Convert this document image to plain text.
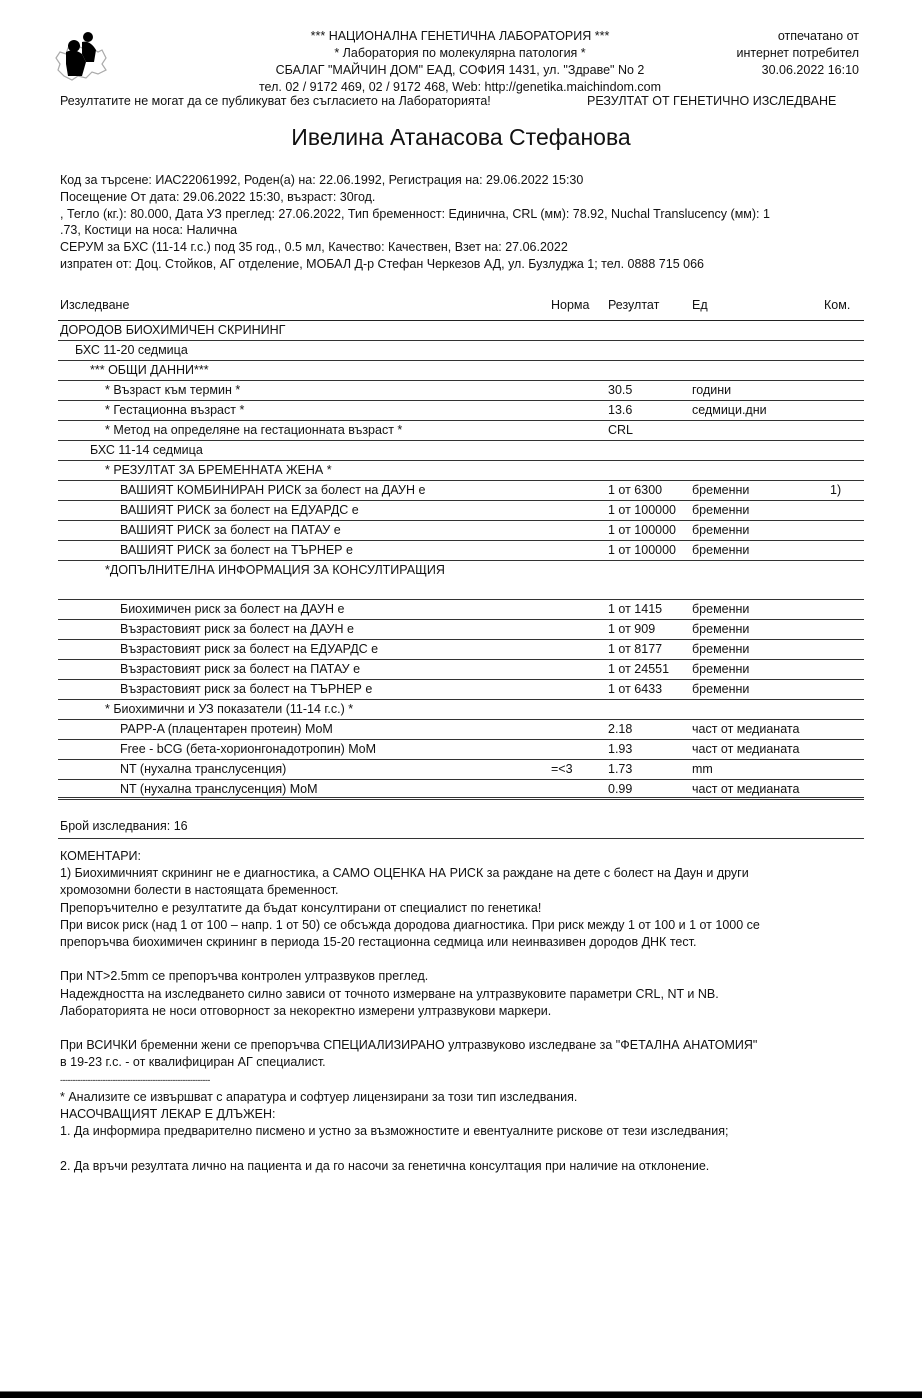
*** НАЦИОНАЛНА ГЕНЕТИЧНА ЛАБОРАТОРИЯ ***
* Лаборатория по молекулярна патология *
СБАЛАГ "МАЙЧИН ДОМ" ЕАД, СОФИЯ 1431, ул. "Здраве" No 2
тел. 02 / 9172 469, 02 / 9172 468, Web: http://genetika.maichindom.com
отпечатано от
интернет потребител
30.06.2022 16:10
Резултатите не могат да се публикуват без съгласието на Лабораторията!	РЕЗУЛТАТ ОТ ГЕНЕТИЧНО ИЗСЛЕДВАНЕ
Ивелина Атанасова Стефанова
Код за търсене: ИАС22061992, Роден(а) на: 22.06.1992, Регистрация на: 29.06.2022 15:30
Посещение От дата: 29.06.2022 15:30, възраст: 30год.
, Тегло (кг.): 80.000, Дата УЗ преглед: 27.06.2022, Тип бременност: Единична, CRL (мм): 78.92, Nuchal Translucency (мм): 1
.73, Костици на носа: Налична
СЕРУМ за БХС (11-14 г.с.) под 35 год., 0.5 мл, Качество: Качествен, Взет на: 27.06.2022
изпратен от: Доц. Стойков, АГ отделение, МОБАЛ Д-р Стефан Черкезов АД, ул. Бузлуджа 1; тел. 0888 715 066
Изследване	Норма Резултат	Ед	Ком.
ДОРОДОВ БИОХИМИЧЕН СКРИНИНГ
БХС 11-20 седмица
*** ОБЩИ ДАННИ***
* Възраст към термин *	30.5	години
* Гестационна възраст *	13.6	седмици.дни
* Метод на определяне на гестационната възраст *	CRL
БХС 11-14 седмица
* РЕЗУЛТАТ ЗА БРЕМЕННАТА ЖЕНА *
ВАШИЯТ КОМБИНИРАН РИСК за болест на ДАУН е	1 от 6300 бременни	1)
ВАШИЯТ РИСК за болест на ЕДУАРДС е	1 от 100000 бременни
ВАШИЯТ РИСК за болест на ПАТАУ е	1 от 100000 бременни
ВАШИЯТ РИСК за болест на ТЪРНЕР е	1 от 100000 бременни
*ДОПЪЛНИТЕЛНА ИНФОРМАЦИЯ ЗА КОНСУЛТИРАЩИЯ
Биохимичен риск за болест на ДАУН е	1 от 1415 бременни
Възрастовият риск за болест на ДАУН е	1 от 909	бременни
Възрастовият риск за болест на ЕДУАРДС е	1 от 8177 бременни
Възрастовият риск за болест на ПАТАУ е	1 от 24551 бременни
Възрастовият риск за болест на ТЪРНЕР е	1 от 6433 бременни
* Биохимични и УЗ показатели (11-14 г.с.) *
PAPP-A (плацентарен протеин) MoM	2.18	част от медианата
Free - bCG (бета-хорионгонадотропин) MoM	1.93	част от медианата
NT (нухална транслусенция)	=<3	1.73	mm
NT (нухална транслусенция) MoM	0.99	част от медианата
Брой изследвания: 16
КОМЕНТАРИ:
1) Биохимичният скрининг не е диагностика, а САМО ОЦЕНКА НА РИСК за раждане на дете с болест на Даун и други
хромозомни болести в настоящата бременност.
Препоръчително е резултатите да бъдат консултирани от специалист по генетика!
При висок риск (над 1 от 100 – напр. 1 от 50) се обсъжда дородова диагностика. При риск между 1 от 100 и 1 от 1000 се
препоръчва биохимичен скрининг в периода 15-20 гестационна седмица или неинвазивен дородов ДНК тест.
При NT>2.5mm се препоръчва контролен ултразвуков преглед.
Надеждността на изследването силно зависи от точното измерване на ултразвуковите параметри CRL, NT и NB.
Лабораторията не носи отговорност за некоректно измерени ултразвукови маркери.
При ВСИЧКИ бременни жени се препоръчва СПЕЦИАЛИЗИРАНО ултразвуково изследване за "ФЕТАЛНА АНАТОМИЯ"
в 19-23 г.с. - от квалифициран АГ специалист.
------------------------------------------------------------
* Анализите се извършват с апаратура и софтуер лицензирани за този тип изследвания.
НАСОЧВАЩИЯТ ЛЕКАР Е ДЛЪЖЕН:
1. Да информира предварително писмено и устно за възможностите и евентуалните рискове от тези изследвания;
2. Да връчи резултата лично на пациента и да го насочи за генетична консултация при наличие на отклонение.
